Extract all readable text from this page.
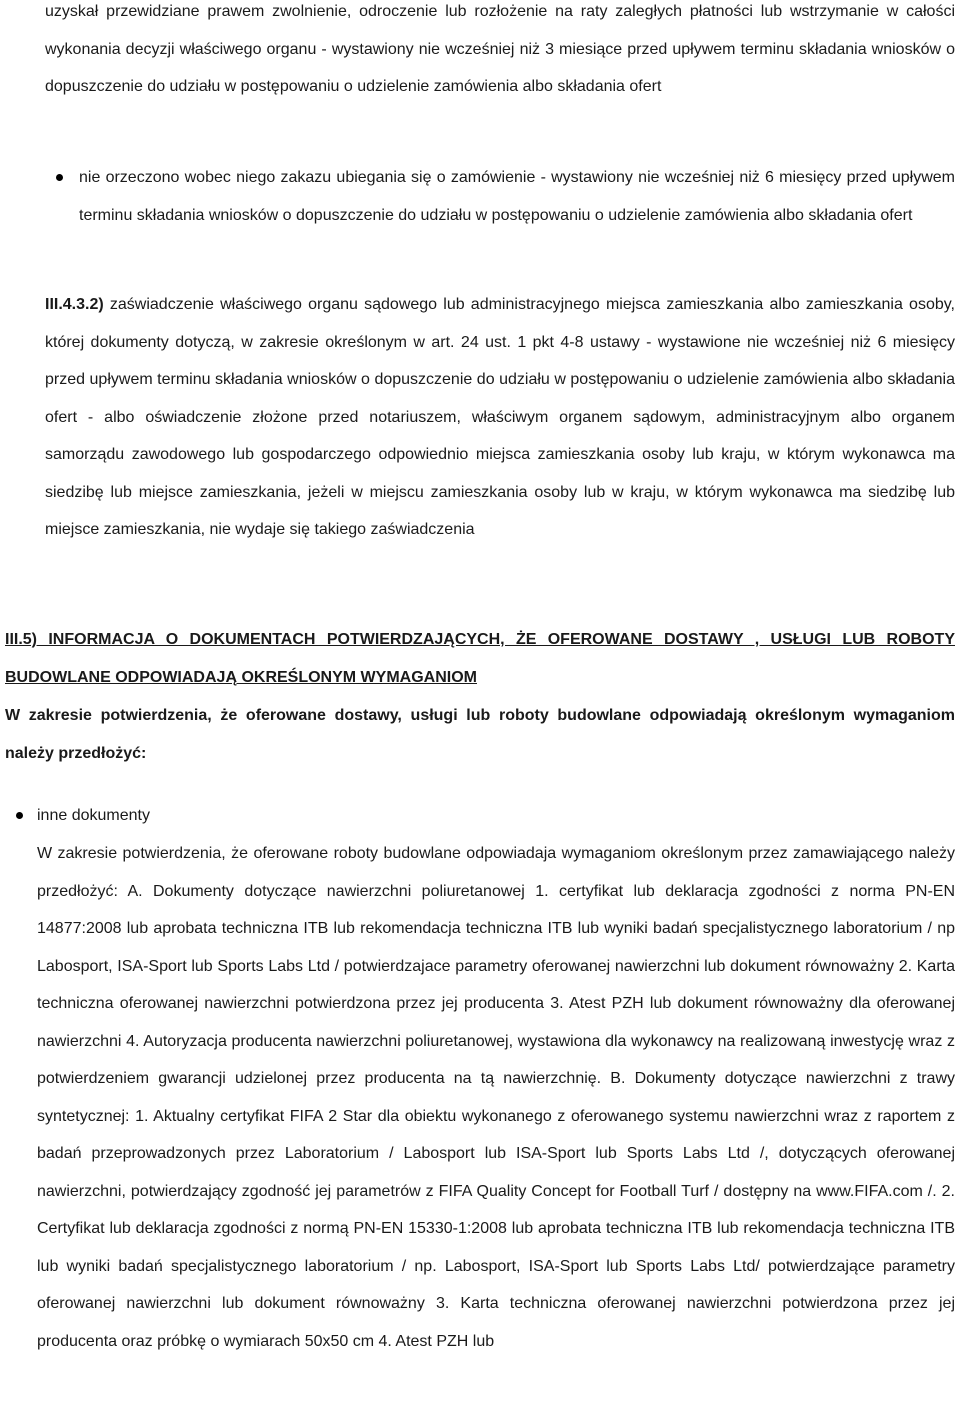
uzyskał przewidziane prawem zwolnienie, odroczenie lub rozłożenie na raty zaległych płatności lub wstrzymanie w całości wykonania decyzji właściwego organu - wystawiony nie wcześniej niż 3 miesiące przed upływem terminu składania wniosków o dopuszczenie do udziału w postępowaniu o udzielenie zamówienia albo składania ofert
nie orzeczono wobec niego zakazu ubiegania się o zamówienie - wystawiony nie wcześniej niż 6 miesięcy przed upływem terminu składania wniosków o dopuszczenie do udziału w postępowaniu o udzielenie zamówienia albo składania ofert
III.4.3.2) zaświadczenie właściwego organu sądowego lub administracyjnego miejsca zamieszkania albo zamieszkania osoby, której dokumenty dotyczą, w zakresie określonym w art. 24 ust. 1 pkt 4-8 ustawy - wystawione nie wcześniej niż 6 miesięcy przed upływem terminu składania wniosków o dopuszczenie do udziału w postępowaniu o udzielenie zamówienia albo składania ofert - albo oświadczenie złożone przed notariuszem, właściwym organem sądowym, administracyjnym albo organem samorządu zawodowego lub gospodarczego odpowiednio miejsca zamieszkania osoby lub kraju, w którym wykonawca ma siedzibę lub miejsce zamieszkania, jeżeli w miejscu zamieszkania osoby lub w kraju, w którym wykonawca ma siedzibę lub miejsce zamieszkania, nie wydaje się takiego zaświadczenia
III.5) INFORMACJA O DOKUMENTACH POTWIERDZAJĄCYCH, ŻE OFEROWANE DOSTAWY , USŁUGI LUB ROBOTY BUDOWLANE ODPOWIADAJĄ OKREŚLONYM WYMAGANIOM
W zakresie potwierdzenia, że oferowane dostawy, usługi lub roboty budowlane odpowiadają określonym wymaganiom należy przedłożyć:
inne dokumenty
W zakresie potwierdzenia, że oferowane roboty budowlane odpowiadaja wymaganiom określonym przez zamawiającego należy przedłożyć: A. Dokumenty dotyczące nawierzchni poliuretanowej 1. certyfikat lub deklaracja zgodności z norma PN-EN 14877:2008 lub aprobata techniczna ITB lub rekomendacja techniczna ITB lub wyniki badań specjalistycznego laboratorium / np Labosport, ISA-Sport lub Sports Labs Ltd / potwierdzajace parametry oferowanej nawierzchni lub dokument równoważny 2. Karta techniczna oferowanej nawierzchni potwierdzona przez jej producenta 3. Atest PZH lub dokument równoważny dla oferowanej nawierzchni 4. Autoryzacja producenta nawierzchni poliuretanowej, wystawiona dla wykonawcy na realizowaną inwestycję wraz z potwierdzeniem gwarancji udzielonej przez producenta na tą nawierzchnię. B. Dokumenty dotyczące nawierzchni z trawy syntetycznej: 1. Aktualny certyfikat FIFA 2 Star dla obiektu wykonanego z oferowanego systemu nawierzchni wraz z raportem z badań przeprowadzonych przez Laboratorium / Labosport lub ISA-Sport lub Sports Labs Ltd /, dotyczących oferowanej nawierzchni, potwierdzający zgodność jej parametrów z FIFA Quality Concept for Football Turf / dostępny na www.FIFA.com /. 2. Certyfikat lub deklaracja zgodności z normą PN-EN 15330-1:2008 lub aprobata techniczna ITB lub rekomendacja techniczna ITB lub wyniki badań specjalistycznego laboratorium / np. Labosport, ISA-Sport lub Sports Labs Ltd/ potwierdzające parametry oferowanej nawierzchni lub dokument równoważny 3. Karta techniczna oferowanej nawierzchni potwierdzona przez jej producenta oraz próbkę o wymiarach 50x50 cm 4. Atest PZH lub
